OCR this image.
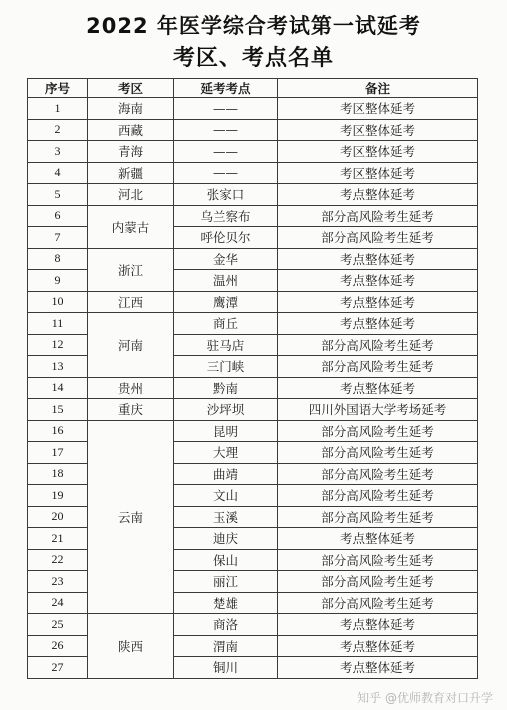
2022 年医学综合考试第一试延考
考区、考点名单
序号	考区	延考考点	备注
1	海南	——	考区整体延考
2	西藏	——	考区整体延考
3	青海	——	考区整体延考
4	新疆	——	考区整体延考
5	河北	张家口	考点整体延考
6	内蒙古	乌兰察布	部分高风险考生延考
7		呼伦贝尔	部分高风险考生延考
8	浙江	金华	考点整体延考
9		温州	考点整体延考
10	江西	鹰潭	考点整体延考
11	河南	商丘	考点整体延考
12		驻马店	部分高风险考生延考
13		三门峡	部分高风险考生延考
14	贵州	黔南	考点整体延考
15	重庆	沙坪坝	四川外国语大学考场延考
16	云南	昆明	部分高风险考生延考
17		大理	部分高风险考生延考
18		曲靖	部分高风险考生延考
19		文山	部分高风险考生延考
20		玉溪	部分高风险考生延考
21		迪庆	考点整体延考
22		保山	部分高风险考生延考
23		丽江	部分高风险考生延考
24		楚雄	部分高风险考生延考
25	陕西	商洛	考点整体延考
26		渭南	考点整体延考
27		铜川	考点整体延考
知乎 @优师教育对口升学
